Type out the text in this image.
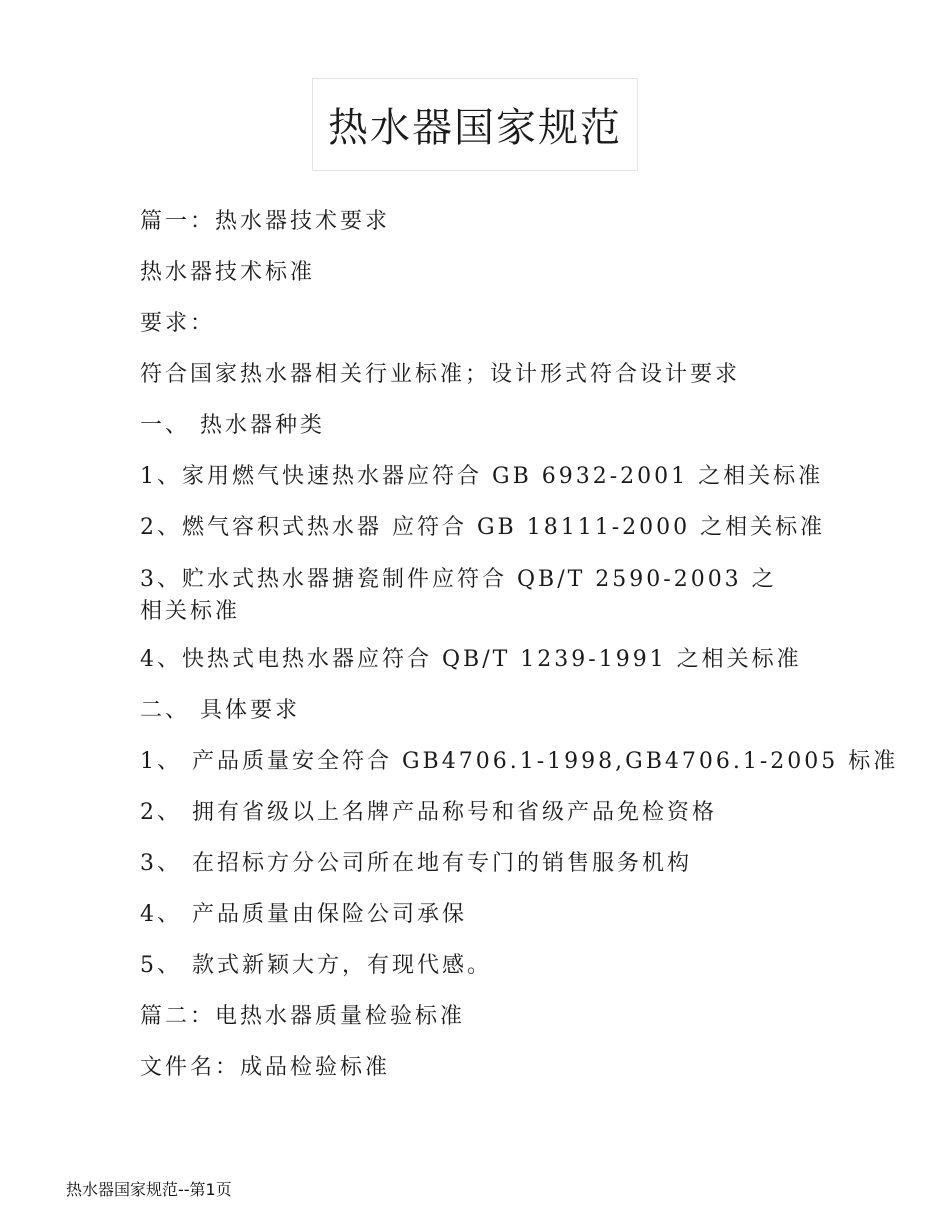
热水器国家规范

篇一：热水器技术要求

热水器技术标准

要求：

符合国家热水器相关行业标准；设计形式符合设计要求

一、 热水器种类

1、家用燃气快速热水器应符合 GB 6932-2001 之相关标准

2、燃气容积式热水器 应符合 GB 18111-2000 之相关标准

3、贮水式热水器搪瓷制件应符合 QB/T 2590-2003 之相关标准

4、快热式电热水器应符合 QB/T 1239-1991 之相关标准

二、 具体要求

1、 产品质量安全符合 GB4706.1-1998,GB4706.1-2005 标准

2、 拥有省级以上名牌产品称号和省级产品免检资格

3、 在招标方分公司所在地有专门的销售服务机构

4、 产品质量由保险公司承保

5、 款式新颖大方，有现代感。

篇二：电热水器质量检验标准

文件名：成品检验标准

热水器国家规范--第1页
